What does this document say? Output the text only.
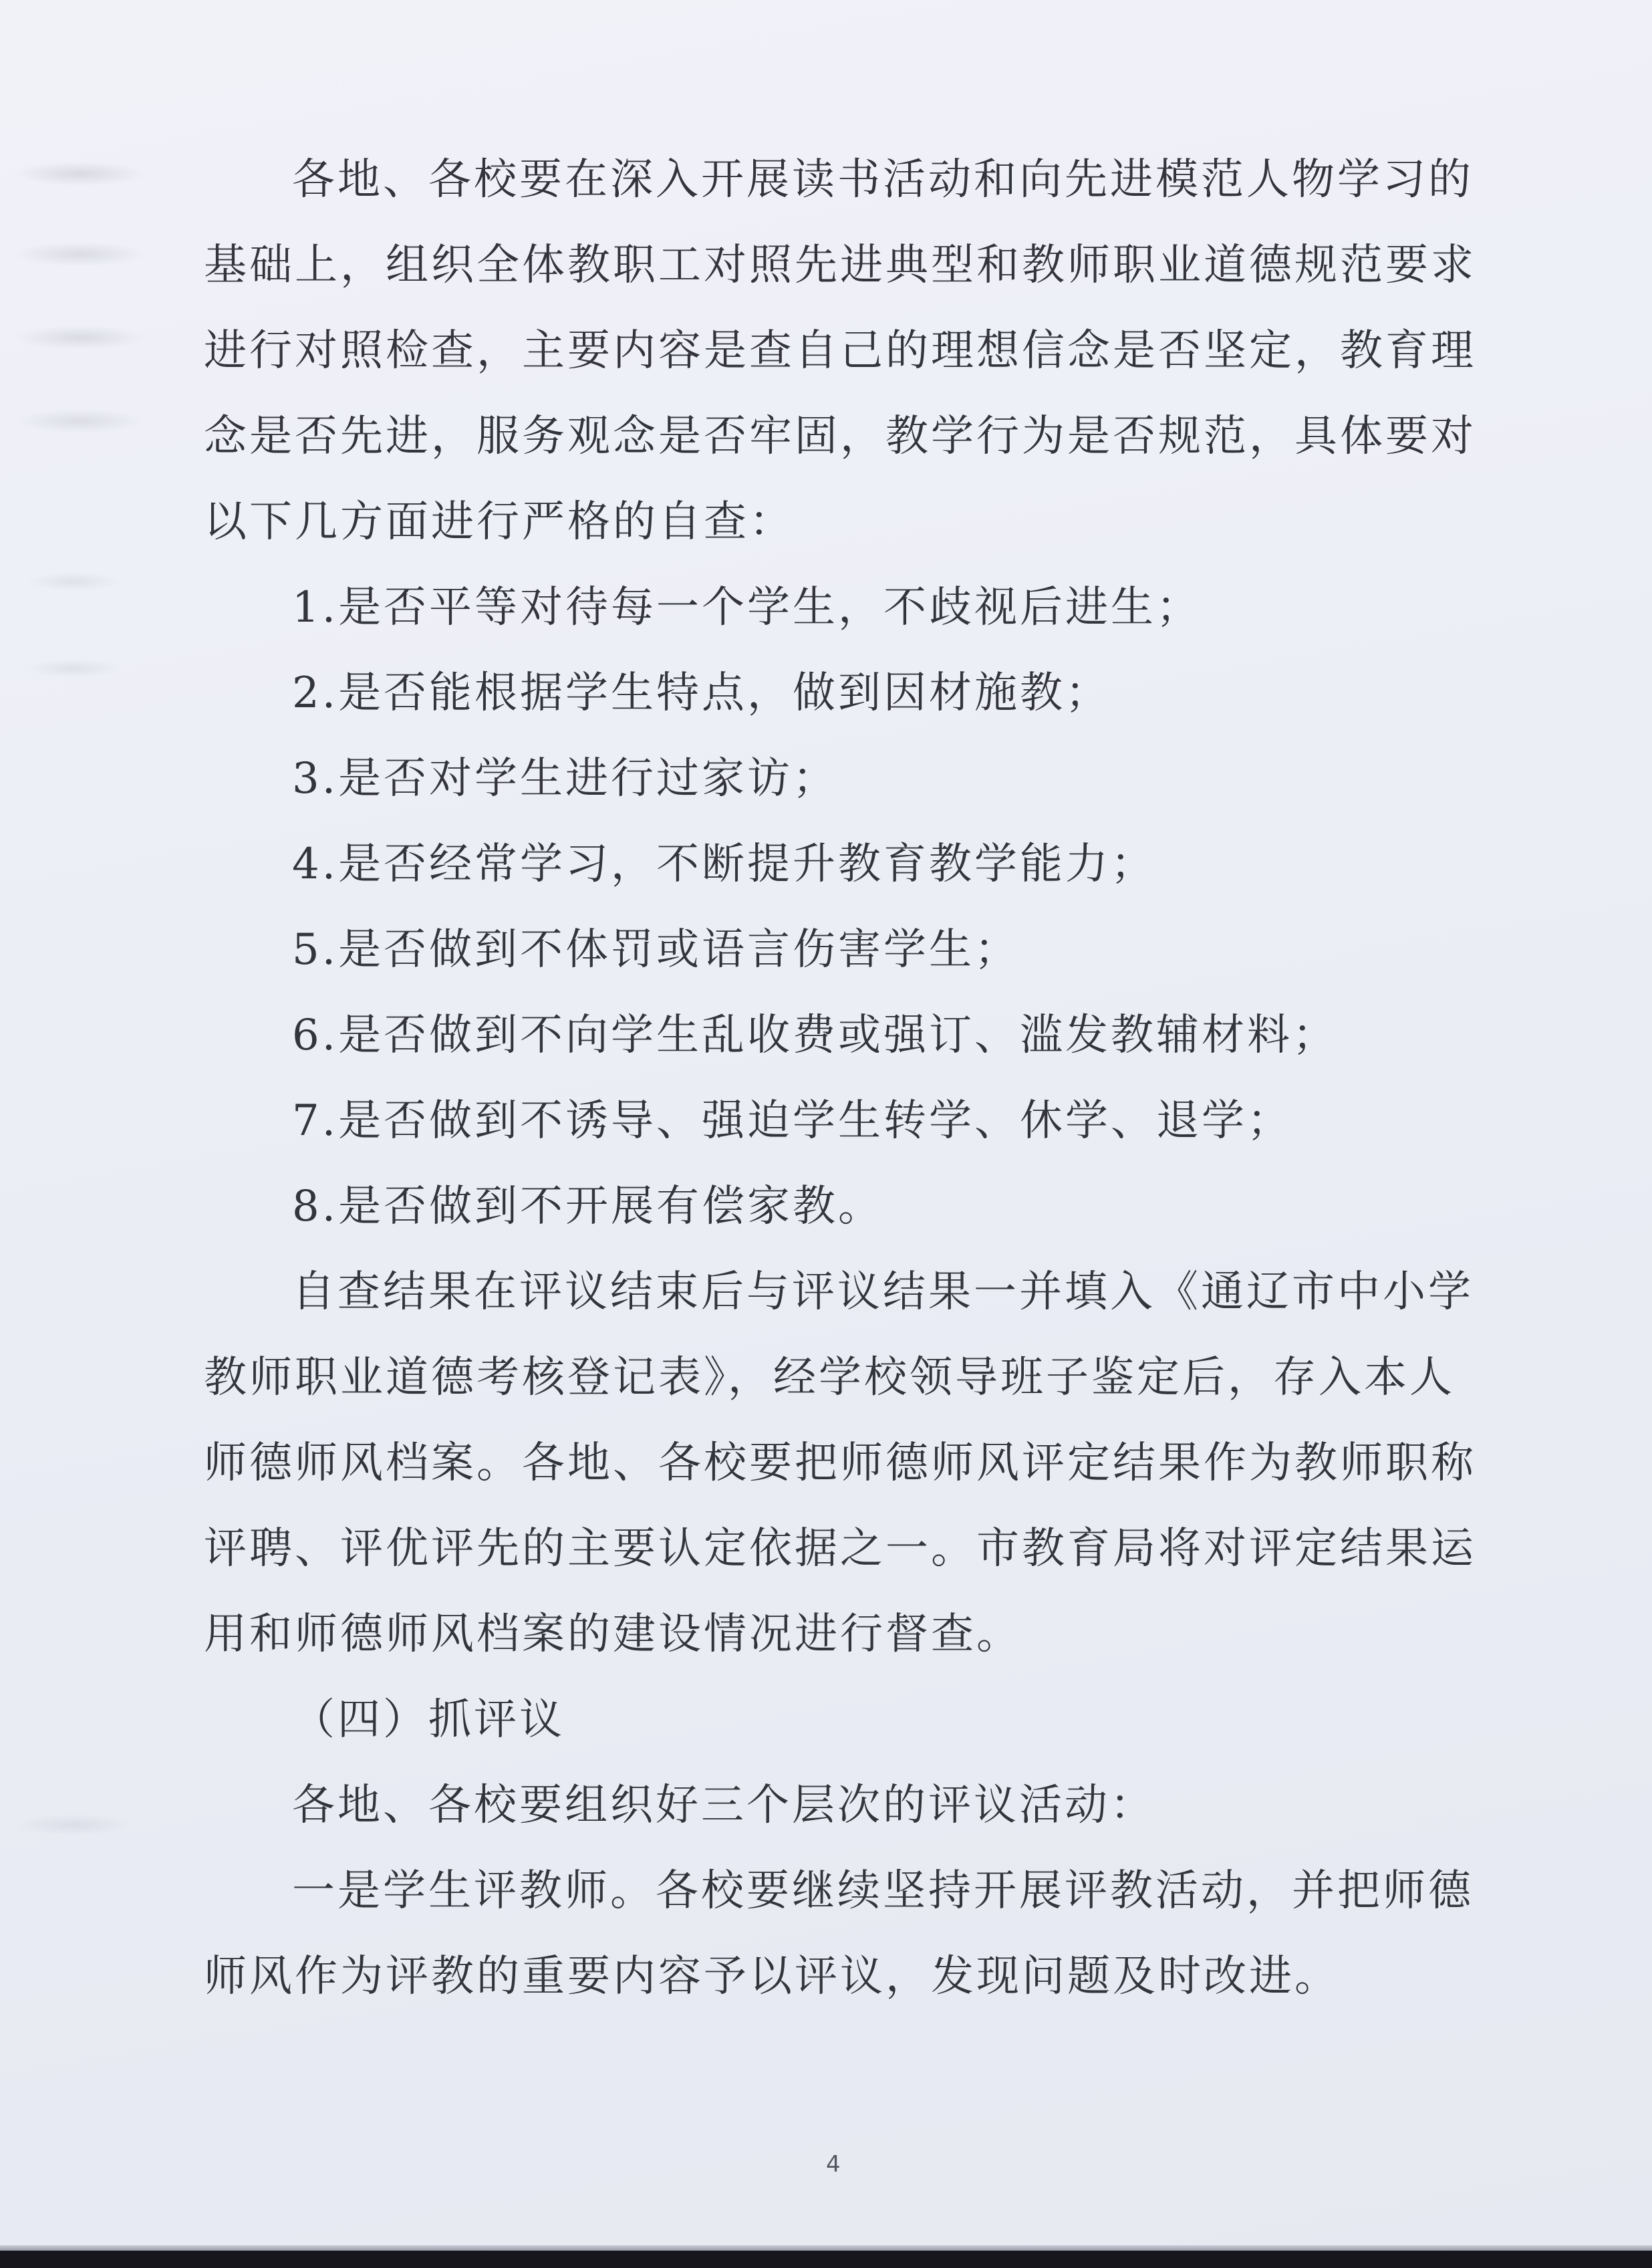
各地、各校要在深入开展读书活动和向先进模范人物学习的
基础上，组织全体教职工对照先进典型和教师职业道德规范要求
进行对照检查，主要内容是查自己的理想信念是否坚定，教育理
念是否先进，服务观念是否牢固，教学行为是否规范，具体要对
以下几方面进行严格的自查：
1.是否平等对待每一个学生，不歧视后进生；
2.是否能根据学生特点，做到因材施教；
3.是否对学生进行过家访；
4.是否经常学习，不断提升教育教学能力；
5.是否做到不体罚或语言伤害学生；
6.是否做到不向学生乱收费或强订、滥发教辅材料；
7.是否做到不诱导、强迫学生转学、休学、退学；
8.是否做到不开展有偿家教。
自查结果在评议结束后与评议结果一并填入《通辽市中小学
教师职业道德考核登记表》，经学校领导班子鉴定后，存入本人
师德师风档案。各地、各校要把师德师风评定结果作为教师职称
评聘、评优评先的主要认定依据之一。市教育局将对评定结果运
用和师德师风档案的建设情况进行督查。
（四）抓评议
各地、各校要组织好三个层次的评议活动：
一是学生评教师。各校要继续坚持开展评教活动，并把师德
师风作为评教的重要内容予以评议，发现问题及时改进。
4
